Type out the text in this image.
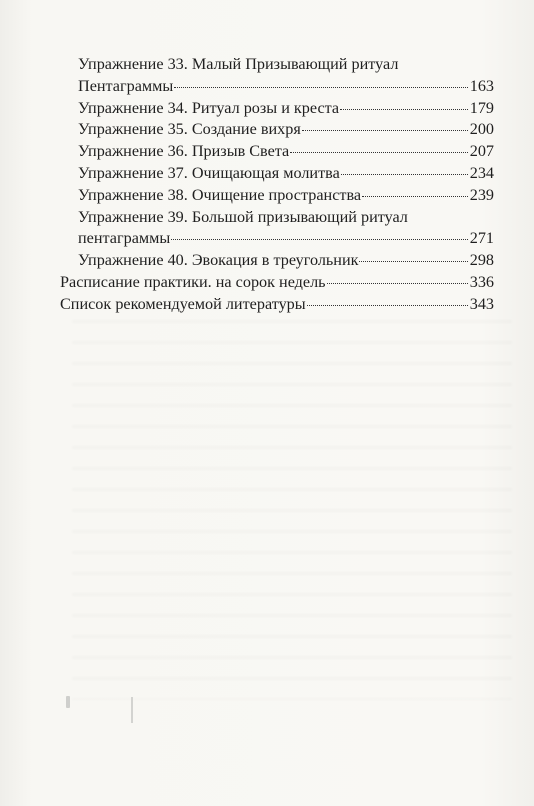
Упражнение 33. Малый Призывающий ритуал
Пентаграммы	163
Упражнение 34. Ритуал розы и креста	179
Упражнение 35. Создание вихря	200
Упражнение 36. Призыв Света	207
Упражнение 37. Очищающая молитва	234
Упражнение 38. Очищение пространства	239
Упражнение 39. Большой призывающий ритуал
пентаграммы	271
Упражнение 40. Эвокация в треугольник	298
Расписание практики. на сорок недель	336
Список рекомендуемой литературы	343
